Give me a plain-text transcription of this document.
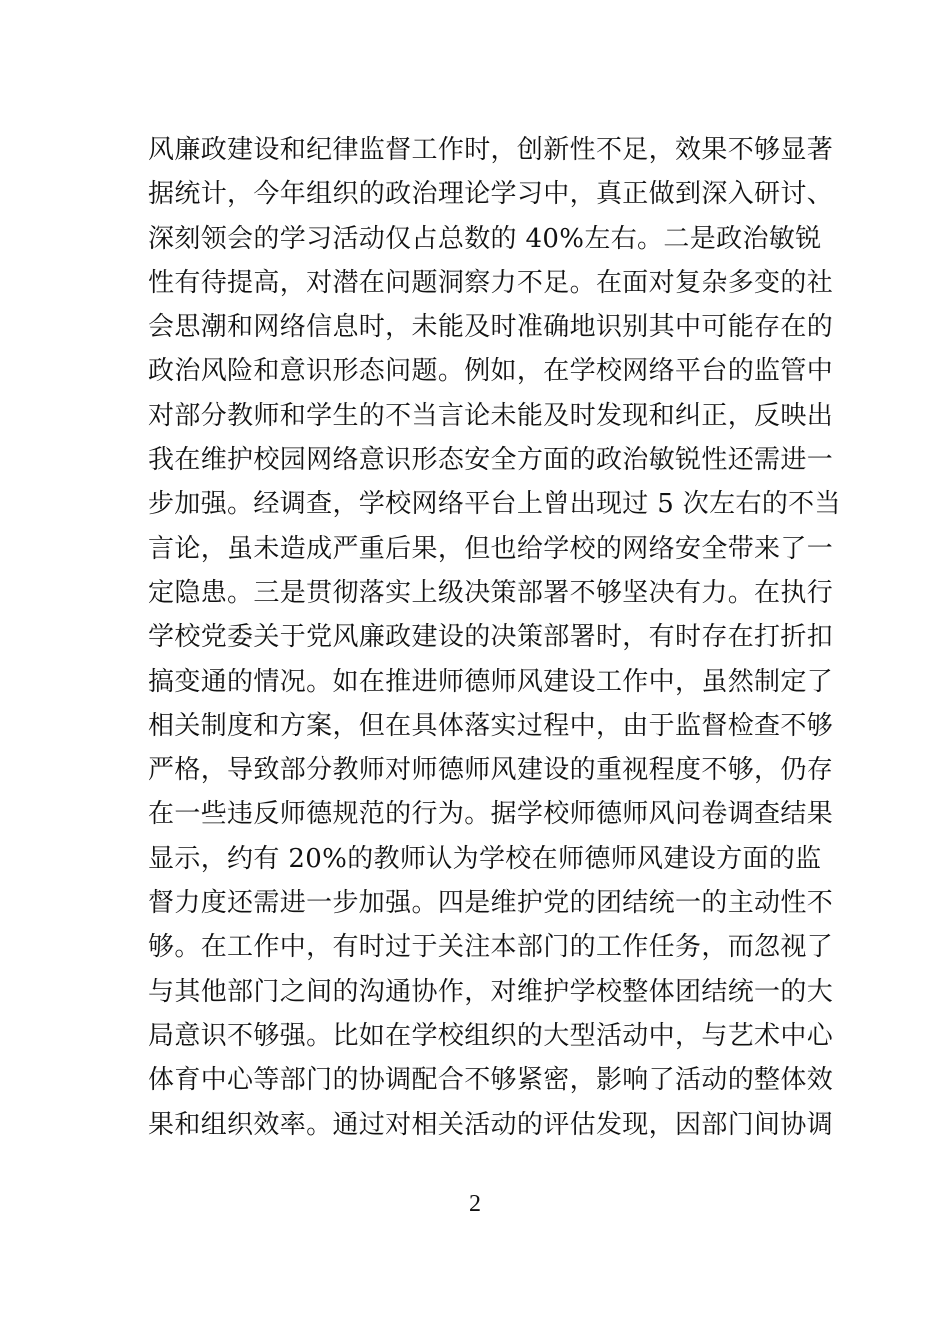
风廉政建设和纪律监督工作时，创新性不足，效果不够显著
据统计，今年组织的政治理论学习中，真正做到深入研讨、
深刻领会的学习活动仅占总数的 40%左右。二是政治敏锐
性有待提高，对潜在问题洞察力不足。在面对复杂多变的社
会思潮和网络信息时，未能及时准确地识别其中可能存在的
政治风险和意识形态问题。例如，在学校网络平台的监管中
对部分教师和学生的不当言论未能及时发现和纠正，反映出
我在维护校园网络意识形态安全方面的政治敏锐性还需进一
步加强。经调查，学校网络平台上曾出现过 5 次左右的不当
言论，虽未造成严重后果，但也给学校的网络安全带来了一
定隐患。三是贯彻落实上级决策部署不够坚决有力。在执行
学校党委关于党风廉政建设的决策部署时，有时存在打折扣
搞变通的情况。如在推进师德师风建设工作中，虽然制定了
相关制度和方案，但在具体落实过程中，由于监督检查不够
严格，导致部分教师对师德师风建设的重视程度不够，仍存
在一些违反师德规范的行为。据学校师德师风问卷调查结果
显示，约有 20%的教师认为学校在师德师风建设方面的监
督力度还需进一步加强。四是维护党的团结统一的主动性不
够。在工作中，有时过于关注本部门的工作任务，而忽视了
与其他部门之间的沟通协作，对维护学校整体团结统一的大
局意识不够强。比如在学校组织的大型活动中，与艺术中心
体育中心等部门的协调配合不够紧密，影响了活动的整体效
果和组织效率。通过对相关活动的评估发现，因部门间协调
2
